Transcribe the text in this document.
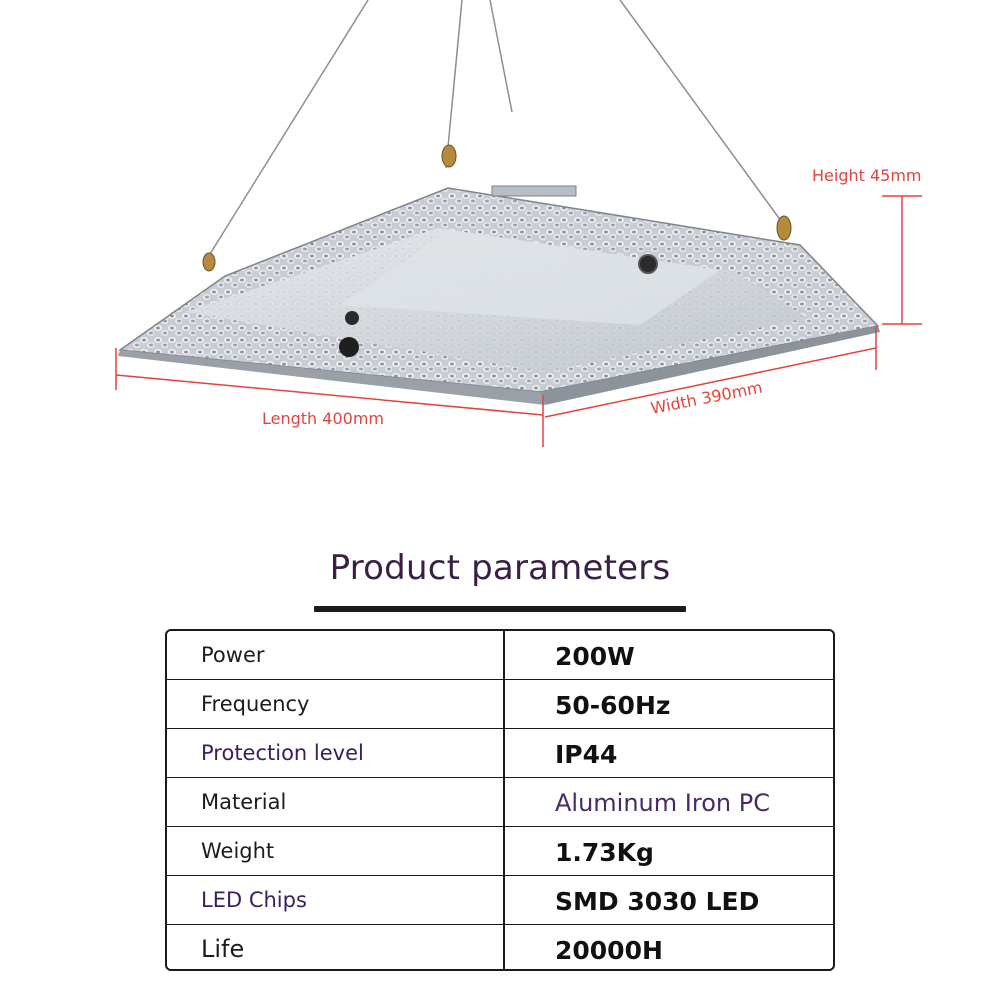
Height 45mm
Length 400mm
Width 390mm
Product parameters
Power	200W
Frequency	50-60Hz
Protection level	IP44
Material	Aluminum Iron PC
Weight	1.73Kg
LED Chips	SMD 3030 LED
Life	20000H
